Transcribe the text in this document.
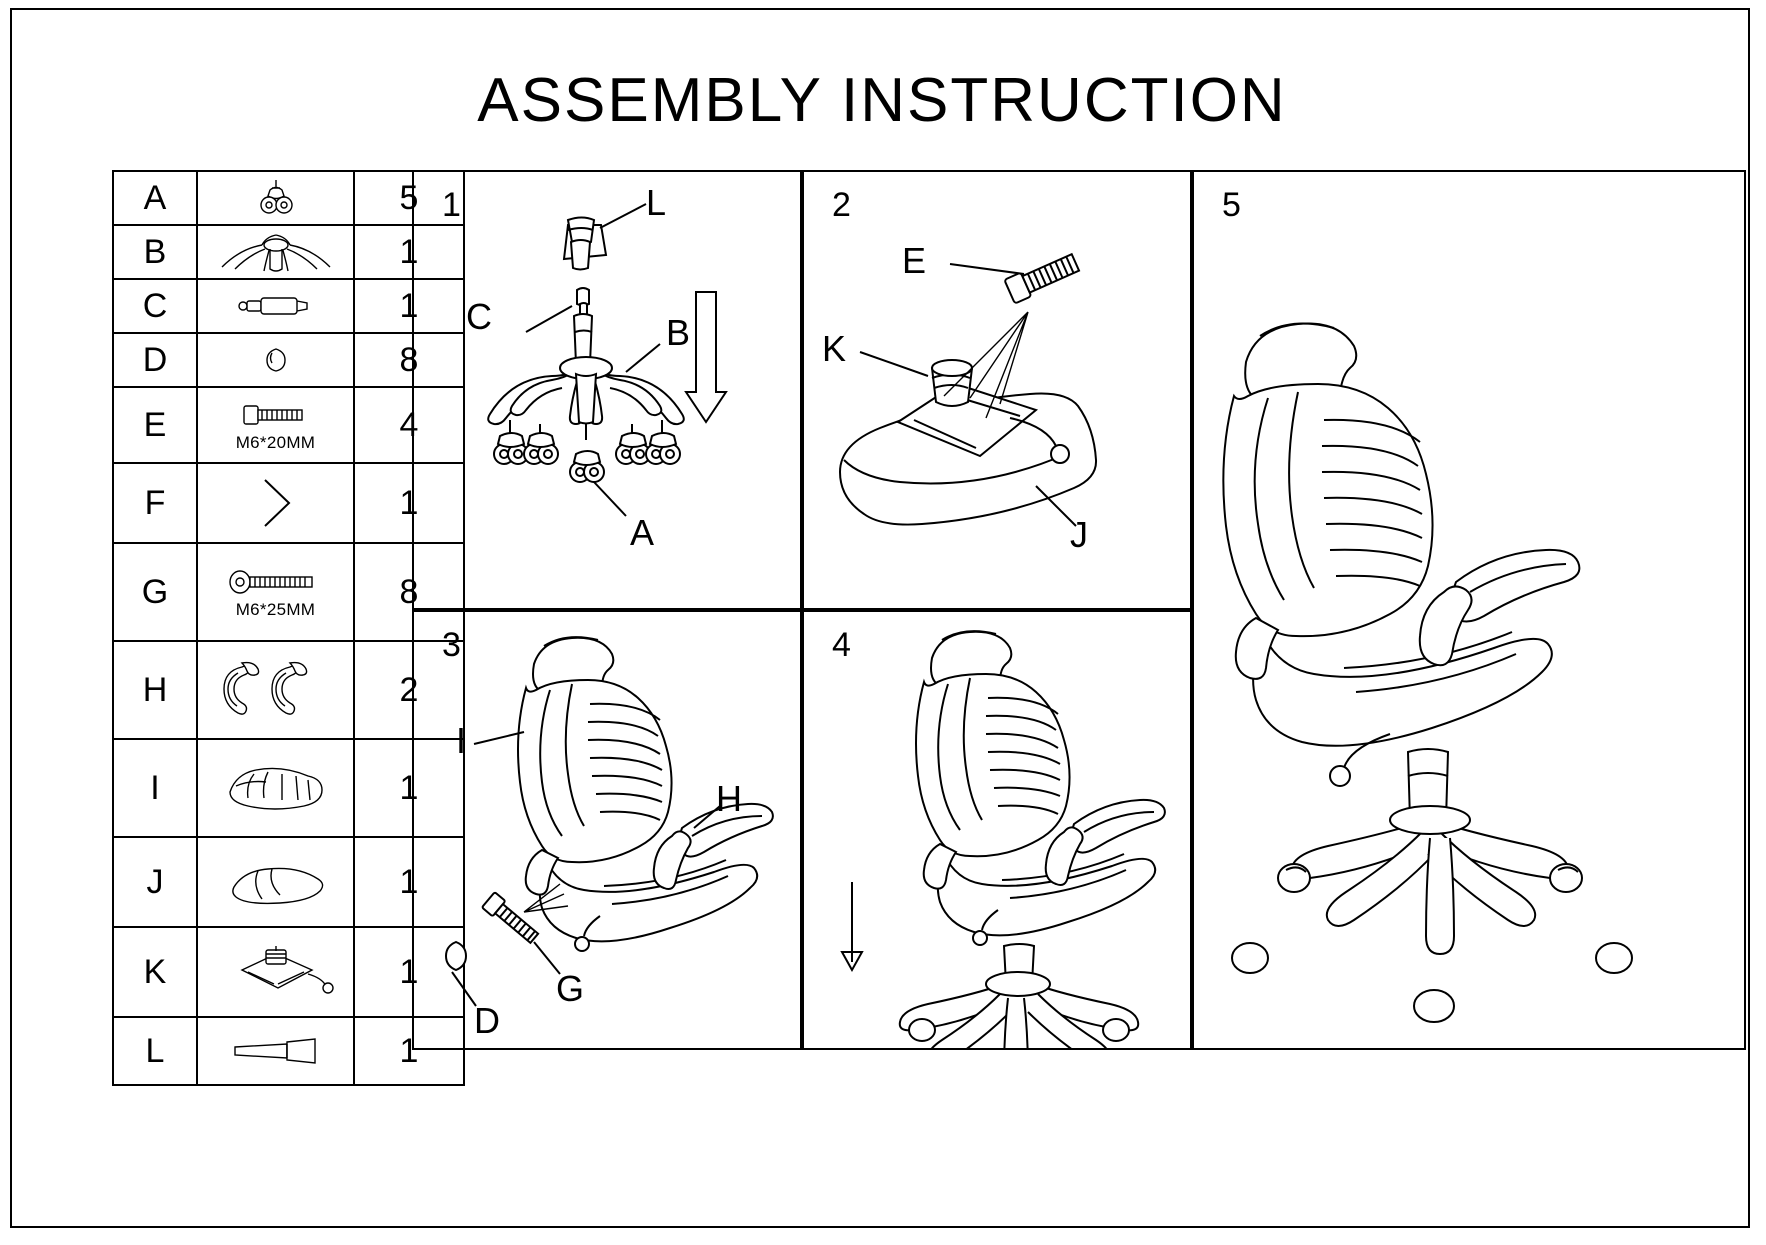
ASSEMBLY INSTRUCTION
A		5
B		1
C		1
D		8
E	M6*20MM	4
F		1
G	M6*25MM	8
H		2
I		1
J		1
K		1
L		1
1	L
C	B
A
2
E
K
J
5
3
I
H
G
D
4
